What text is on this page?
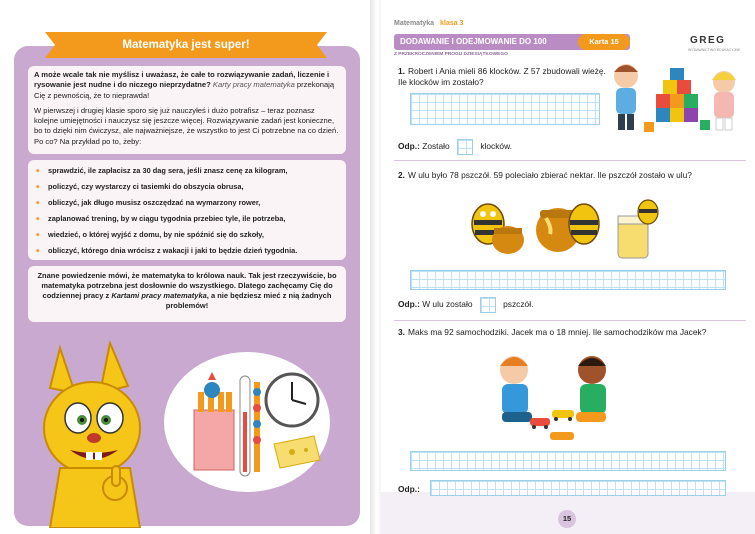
Matematyka jest super!

A może wcale tak nie myślisz i uważasz, że całe to rozwiązywanie zadań, liczenie i rysowanie jest nudne i do niczego nieprzydatne? Karty pracy matematyka przekonają Cię z pewnością, że to nieprawda!

W pierwszej i drugiej klasie sporo się już nauczyłeś i dużo potrafisz – teraz poznasz kolejne umiejętności i nauczysz się jeszcze więcej. Rozwiązywanie zadań jest konieczne, bo to dzięki nim ćwiczysz, ale najważniejsze, że wszystko to jest Ci potrzebne na co dzień. Po co? Na przykład po to, żeby:

• sprawdzić, ile zapłacisz za 30 dag sera, jeśli znasz cenę za kilogram,
• policzyć, czy wystarczy ci tasiemki do obszycia obrusa,
• obliczyć, jak długo musisz oszczędzać na wymarzony rower,
• zaplanować trening, by w ciągu tygodnia przebiec tyle, ile potrzeba,
• wiedzieć, o której wyjść z domu, by nie spóźnić się do szkoły,
• obliczyć, którego dnia wrócisz z wakacji i jaki to będzie dzień tygodnia.
Znane powiedzenie mówi, że matematyka to królowa nauk. Tak jest rzeczywiście, bo matematyka potrzebna jest dosłownie do wszystkiego. Dlatego zachęcamy Cię do codziennej pracy z Kartami pracy matematyka, a nie będziesz mieć z nią żadnych problemów!
Matematyka klasa 3
DODAWANIE I ODEJMOWANIE DO 100	Karta 15
Z PRZEKROCZENIEM PROGU DZIESIĄTKOWEGO
GREG
WYDAWNICTWO EDUKACYJNE
1. Robert i Ania mieli 86 klocków. Z 57 zbudowali wieżę. Ile klocków im zostało?
Odp.: Zostało	klocków.
2. W ulu było 78 pszczół. 59 poleciało zbierać nektar. Ile pszczół zostało w ulu?
Odp.: W ulu zostało	pszczół.
3. Maks ma 92 samochodziki. Jacek ma o 18 mniej. Ile samochodzików ma Jacek?
Odp.:
15
